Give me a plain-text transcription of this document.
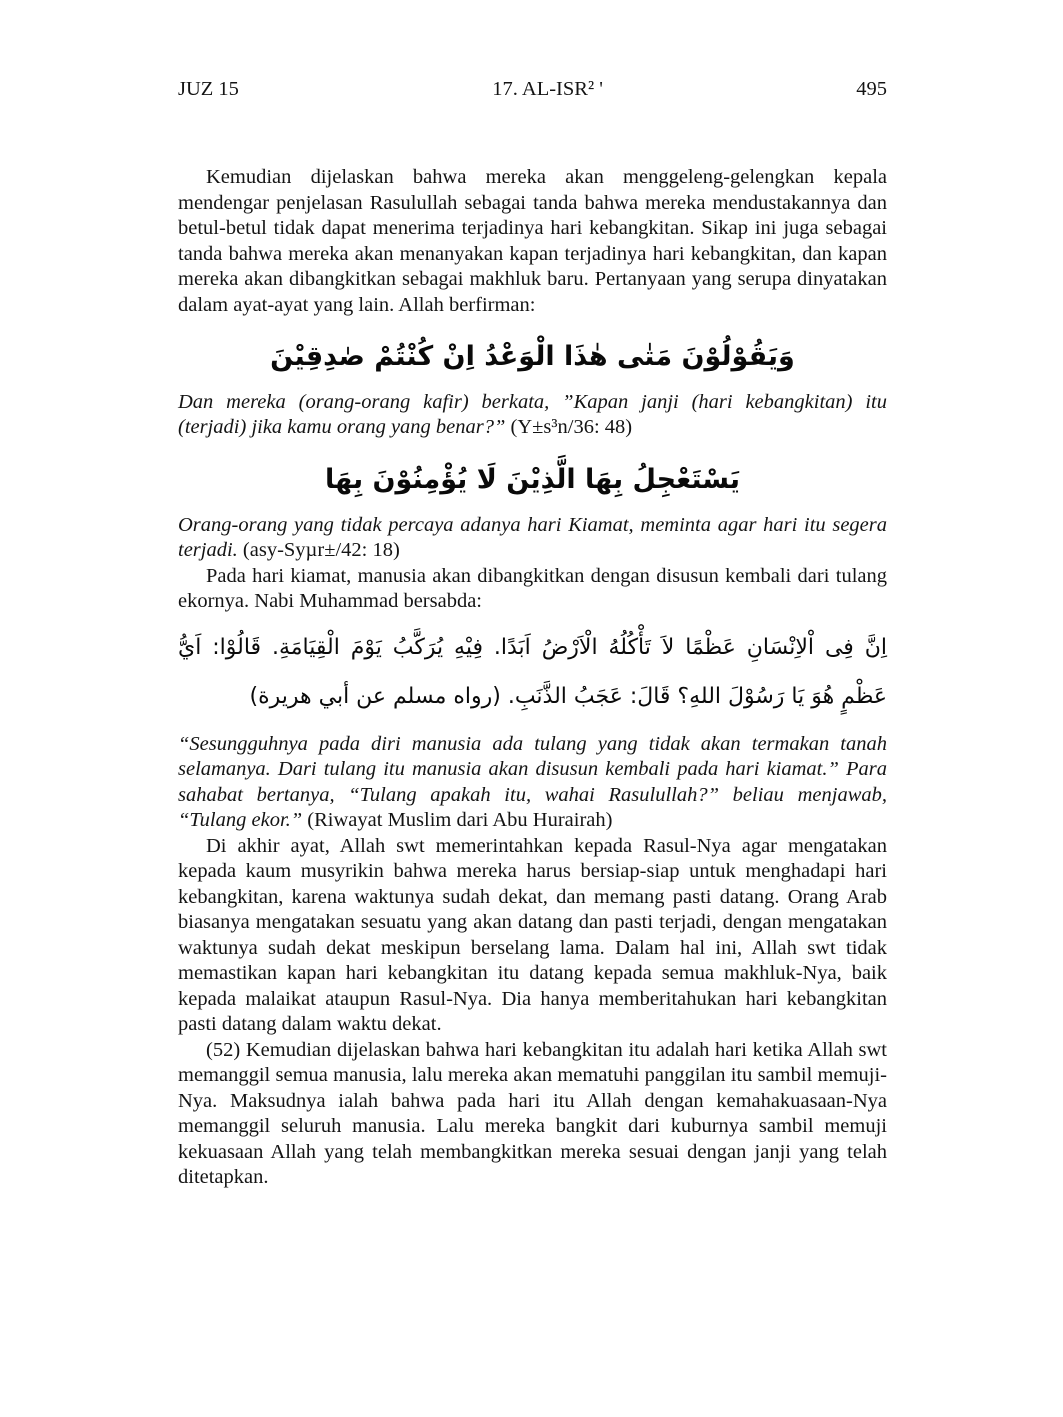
JUZ 15	17. AL-ISR² '	495

Kemudian dijelaskan bahwa mereka akan menggeleng-gelengkan kepala mendengar penjelasan Rasulullah sebagai tanda bahwa mereka mendustakannya dan betul-betul tidak dapat menerima terjadinya hari kebangkitan. Sikap ini juga sebagai tanda bahwa mereka akan menanyakan kapan terjadinya hari kebangkitan, dan kapan mereka akan dibangkitkan sebagai makhluk baru. Pertanyaan yang serupa dinyatakan dalam ayat-ayat yang lain. Allah berfirman:

وَيَقُوْلُوْنَ مَتٰى هٰذَا الْوَعْدُ اِنْ كُنْتُمْ صٰدِقِيْنَ

Dan mereka (orang-orang kafir) berkata, ”Kapan janji (hari kebangkitan) itu (terjadi) jika kamu orang yang benar?” (Y±s³n/36: 48)

يَسْتَعْجِلُ بِهَا الَّذِيْنَ لَا يُؤْمِنُوْنَ بِهَا

Orang-orang yang tidak percaya adanya hari Kiamat, meminta agar hari itu segera terjadi. (asy-Syµr±/42: 18)

Pada hari kiamat, manusia akan dibangkitkan dengan disusun kembali dari tulang ekornya. Nabi Muhammad bersabda:

اِنَّ فِى اْلاِنْسَانِ عَظْمًا لاَ تَأْكُلُهُ الْاَرْضُ اَبَدًا. فِيْهِ يُرَكَّبُ يَوْمَ الْقِيَامَةِ. قَالُوْا: اَيُّ عَظْمٍ هُوَ يَا رَسُوْلَ اللهِ؟ قَالَ: عَجَبُ الذَّنَبِ. (رواه مسلم عن أبي هريرة)

“Sesungguhnya pada diri manusia ada tulang yang tidak akan termakan tanah selamanya. Dari tulang itu manusia akan disusun kembali pada hari kiamat.” Para sahabat bertanya, “Tulang apakah itu, wahai Rasulullah?” beliau menjawab, “Tulang ekor.” (Riwayat Muslim dari Abu Hurairah)

Di akhir ayat, Allah swt memerintahkan kepada Rasul-Nya agar mengatakan kepada kaum musyrikin bahwa mereka harus bersiap-siap untuk menghadapi hari kebangkitan, karena waktunya sudah dekat, dan memang pasti datang. Orang Arab biasanya mengatakan sesuatu yang akan datang dan pasti terjadi, dengan mengatakan waktunya sudah dekat meskipun berselang lama. Dalam hal ini, Allah swt tidak memastikan kapan hari kebangkitan itu datang kepada semua makhluk-Nya, baik kepada malaikat ataupun Rasul-Nya. Dia hanya memberitahukan hari kebangkitan pasti datang dalam waktu dekat.

(52) Kemudian dijelaskan bahwa hari kebangkitan itu adalah hari ketika Allah swt memanggil semua manusia, lalu mereka akan mematuhi panggilan itu sambil memuji-Nya. Maksudnya ialah bahwa pada hari itu Allah dengan kemahakuasaan-Nya memanggil seluruh manusia. Lalu mereka bangkit dari kuburnya sambil memuji kekuasaan Allah yang telah membangkitkan mereka sesuai dengan janji yang telah ditetapkan.
